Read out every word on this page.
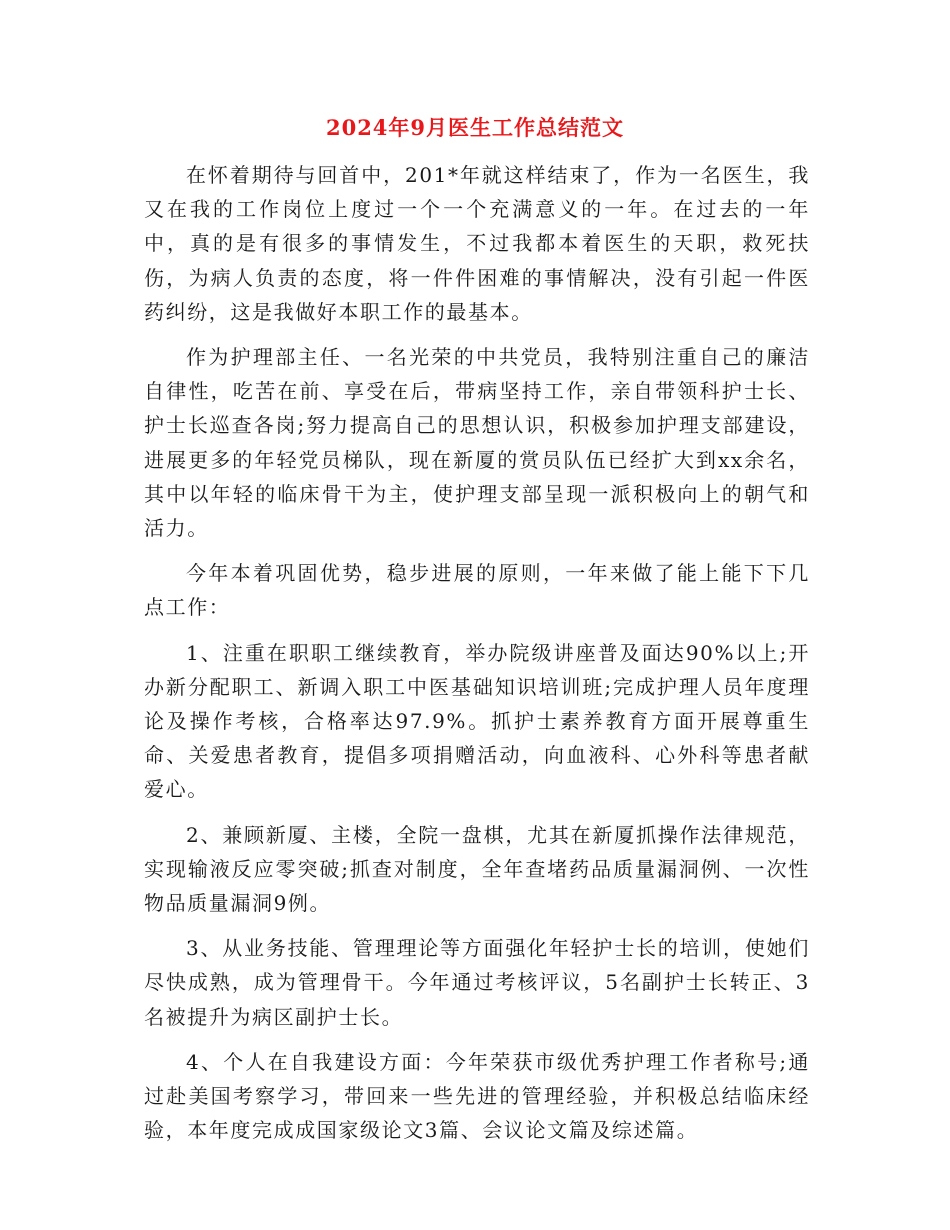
2024年9月医生工作总结范文

在怀着期待与回首中，201*年就这样结束了，作为一名医生，我又在我的工作岗位上度过一个一个充满意义的一年。在过去的一年中，真的是有很多的事情发生，不过我都本着医生的天职，救死扶伤，为病人负责的态度，将一件件困难的事情解决，没有引起一件医药纠纷，这是我做好本职工作的最基本。

作为护理部主任、一名光荣的中共党员，我特别注重自己的廉洁自律性，吃苦在前、享受在后，带病坚持工作，亲自带领科护士长、护士长巡查各岗;努力提高自己的思想认识，积极参加护理支部建设，进展更多的年轻党员梯队，现在新厦的赏员队伍已经扩大到xx余名，其中以年轻的临床骨干为主，使护理支部呈现一派积极向上的朝气和活力。

今年本着巩固优势，稳步进展的原则，一年来做了能上能下下几点工作：

1、注重在职职工继续教育，举办院级讲座普及面达90%以上;开办新分配职工、新调入职工中医基础知识培训班;完成护理人员年度理论及操作考核，合格率达97.9%。抓护士素养教育方面开展尊重生命、关爱患者教育，提倡多项捐赠活动，向血液科、心外科等患者献爱心。

2、兼顾新厦、主楼，全院一盘棋，尤其在新厦抓操作法律规范，实现输液反应零突破;抓查对制度，全年查堵药品质量漏洞例、一次性物品质量漏洞9例。

3、从业务技能、管理理论等方面强化年轻护士长的培训，使她们尽快成熟，成为管理骨干。今年通过考核评议，5名副护士长转正、3名被提升为病区副护士长。

4、个人在自我建设方面：今年荣获市级优秀护理工作者称号;通过赴美国考察学习，带回来一些先进的管理经验，并积极总结临床经验，本年度完成成国家级论文3篇、会议论文篇及综述篇。
